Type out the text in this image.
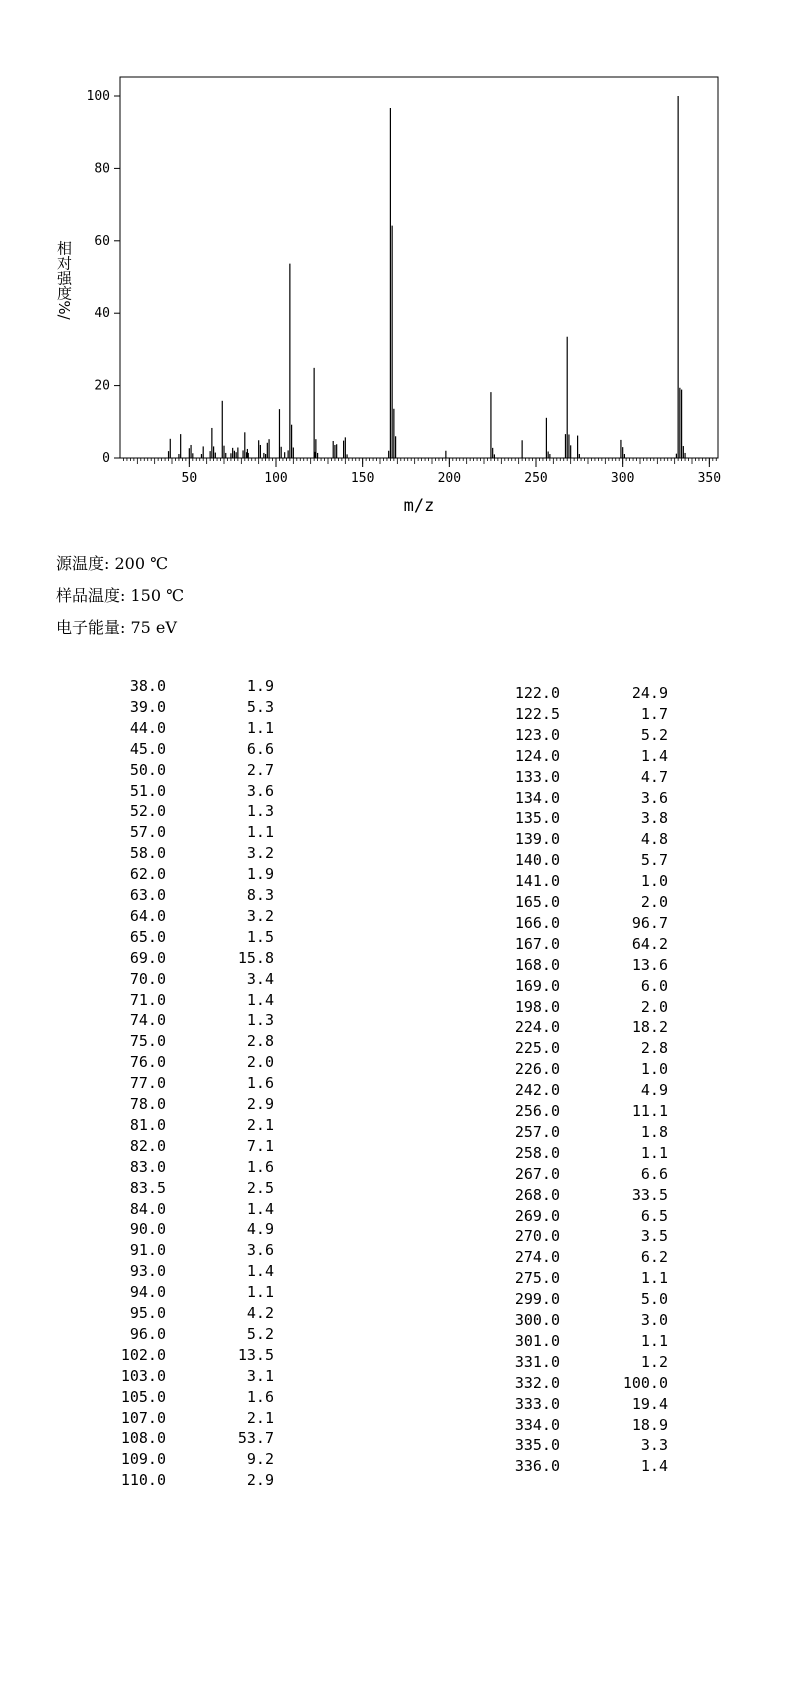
50	100	150	200	250	300	350
0
20
40
60
80
100
m/z
相对强度%/
源温度: 200 ℃
样品温度: 150 ℃
电子能量: 75 eV
38.0	1.9
39.0	5.3
44.0	1.1
45.0	6.6
50.0	2.7
51.0	3.6
52.0	1.3
57.0	1.1
58.0	3.2
62.0	1.9
63.0	8.3
64.0	3.2
65.0	1.5
69.0	15.8
70.0	3.4
71.0	1.4
74.0	1.3
75.0	2.8
76.0	2.0
77.0	1.6
78.0	2.9
81.0	2.1
82.0	7.1
83.0	1.6
83.5	2.5
84.0	1.4
90.0	4.9
91.0	3.6
93.0	1.4
94.0	1.1
95.0	4.2
96.0	5.2
102.0	13.5
103.0	3.1
105.0	1.6
107.0	2.1
108.0	53.7
109.0	9.2
110.0	2.9
122.0	24.9
122.5	1.7
123.0	5.2
124.0	1.4
133.0	4.7
134.0	3.6
135.0	3.8
139.0	4.8
140.0	5.7
141.0	1.0
165.0	2.0
166.0	96.7
167.0	64.2
168.0	13.6
169.0	6.0
198.0	2.0
224.0	18.2
225.0	2.8
226.0	1.0
242.0	4.9
256.0	11.1
257.0	1.8
258.0	1.1
267.0	6.6
268.0	33.5
269.0	6.5
270.0	3.5
274.0	6.2
275.0	1.1
299.0	5.0
300.0	3.0
301.0	1.1
331.0	1.2
332.0	100.0
333.0	19.4
334.0	18.9
335.0	3.3
336.0	1.4
